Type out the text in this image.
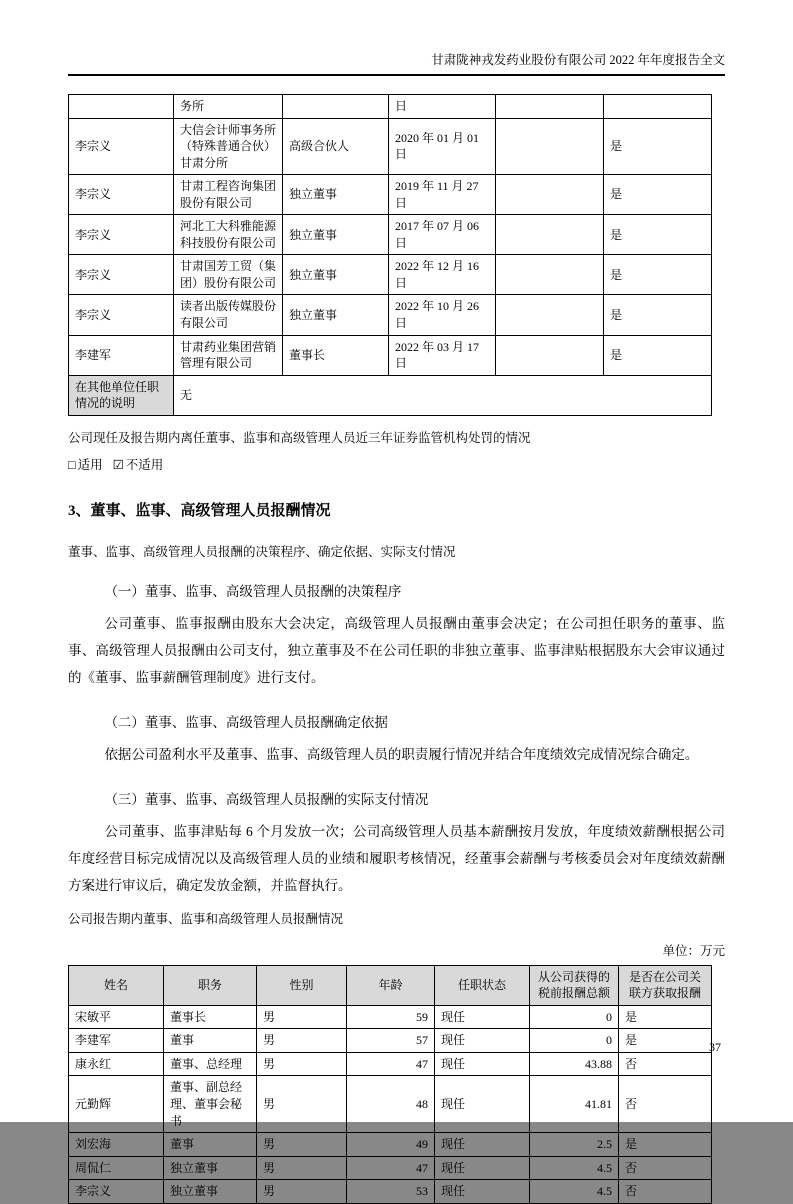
甘肃陇神戎发药业股份有限公司 2022 年年度报告全文
	务所		日		
李宗义	大信会计师事务所（特殊普通合伙）甘肃分所	高级合伙人	2020 年 01 月 01 日		是
李宗义	甘肃工程咨询集团股份有限公司	独立董事	2019 年 11 月 27 日		是
李宗义	河北工大科雅能源科技股份有限公司	独立董事	2017 年 07 月 06 日		是
李宗义	甘肃国芳工贸（集团）股份有限公司	独立董事	2022 年 12 月 16 日		是
李宗义	读者出版传媒股份有限公司	独立董事	2022 年 10 月 26 日		是
李建军	甘肃药业集团营销管理有限公司	董事长	2022 年 03 月 17 日		是
在其他单位任职情况的说明	无				
公司现任及报告期内离任董事、监事和高级管理人员近三年证券监管机构处罚的情况
□ 适用 ☑ 不适用
3、董事、监事、高级管理人员报酬情况
董事、监事、高级管理人员报酬的决策程序、确定依据、实际支付情况
（一）董事、监事、高级管理人员报酬的决策程序
公司董事、监事报酬由股东大会决定，高级管理人员报酬由董事会决定；在公司担任职务的董事、监事、高级管理人员报酬由公司支付，独立董事及不在公司任职的非独立董事、监事津贴根据股东大会审议通过的《董事、监事薪酬管理制度》进行支付。
（二）董事、监事、高级管理人员报酬确定依据
依据公司盈利水平及董事、监事、高级管理人员的职责履行情况并结合年度绩效完成情况综合确定。
（三）董事、监事、高级管理人员报酬的实际支付情况
公司董事、监事津贴每 6 个月发放一次；公司高级管理人员基本薪酬按月发放，年度绩效薪酬根据公司年度经营目标完成情况以及高级管理人员的业绩和履职考核情况，经董事会薪酬与考核委员会对年度绩效薪酬方案进行审议后，确定发放金额，并监督执行。
公司报告期内董事、监事和高级管理人员报酬情况
单位：万元
姓名	职务	性别	年龄	任职状态	从公司获得的税前报酬总额	是否在公司关联方获取报酬
宋敏平	董事长	男	59	现任	0	是
李建军	董事	男	57	现任	0	是
康永红	董事、总经理	男	47	现任	43.88	否
元勤辉	董事、副总经理、董事会秘书	男	48	现任	41.81	否
刘宏海	董事	男	49	现任	2.5	是
周侃仁	独立董事	男	47	现任	4.5	否
李宗义	独立董事	男	53	现任	4.5	否
37
